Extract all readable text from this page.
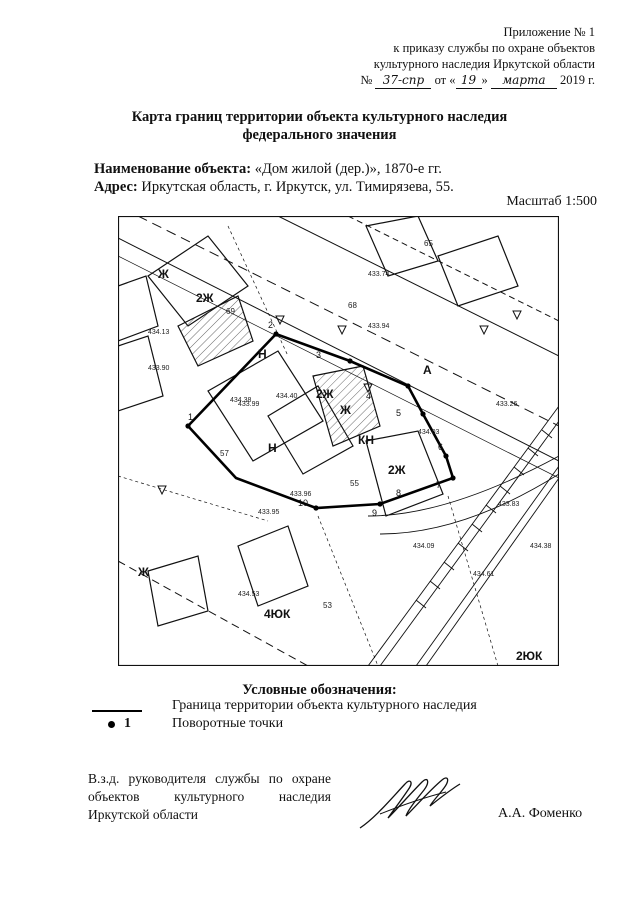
Приложение № 1
к приказу службы по охране объектов
культурного наследия Иркутской области
№ 37-спр от « 19 » марта 2019 г.
Карта границ территории объекта культурного наследия
федерального значения
Наименование объекта: «Дом жилой (дер.)», 1870-е гг.
Адрес: Иркутская область, г. Иркутск, ул. Тимирязева, 55.
Масштаб 1:500
1
2
3
4
5
6
7
8
9
10
2Ж
Ж
Н
Н
2Ж
Ж
КН
2Ж
А
4ЮК
2ЮК
Ж
433.99
434.40
434.38
433.94
434.03
433.96
433.95
434.13
433.90
433.83
433.26
434.53
434.09
434.61
433.74
434.38
69
65
68
53
55
57
Условные обозначения:
Граница территории объекта культурного наследия
1	Поворотные точки
В.з.д. руководителя службы по охране объектов культурного наследия Иркутской области	А.А. Фоменко
